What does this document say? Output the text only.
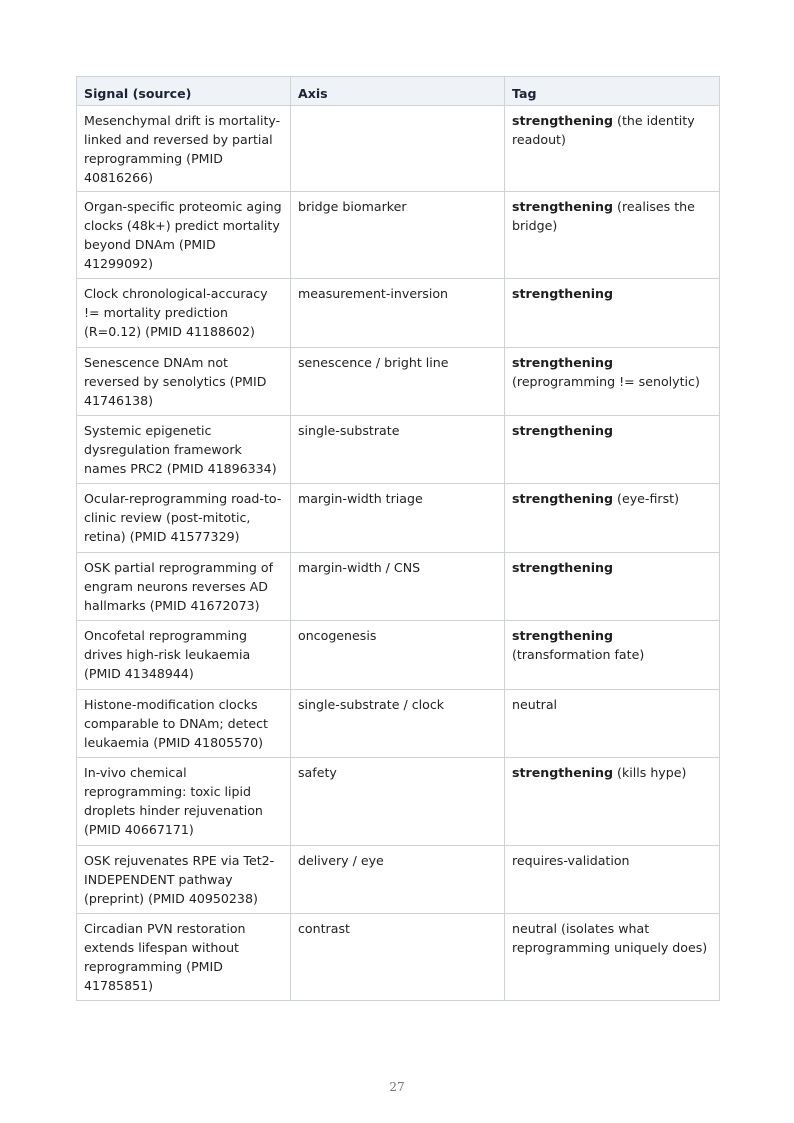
Signal (source)	Axis	Tag
Mesenchymal drift is mortality-linked and reversed by partial reprogramming (PMID 40816266)		strengthening (the identity readout)
Organ-specific proteomic aging clocks (48k+) predict mortality beyond DNAm (PMID 41299092)	bridge biomarker	strengthening (realises the bridge)
Clock chronological-accuracy != mortality prediction (R=0.12) (PMID 41188602)	measurement-inversion	strengthening
Senescence DNAm not reversed by senolytics (PMID 41746138)	senescence / bright line	strengthening (reprogramming != senolytic)
Systemic epigenetic dysregulation framework names PRC2 (PMID 41896334)	single-substrate	strengthening
Ocular-reprogramming road-to-clinic review (post-mitotic, retina) (PMID 41577329)	margin-width triage	strengthening (eye-first)
OSK partial reprogramming of engram neurons reverses AD hallmarks (PMID 41672073)	margin-width / CNS	strengthening
Oncofetal reprogramming drives high-risk leukaemia (PMID 41348944)	oncogenesis	strengthening (transformation fate)
Histone-modification clocks comparable to DNAm; detect leukaemia (PMID 41805570)	single-substrate / clock	neutral
In-vivo chemical reprogramming: toxic lipid droplets hinder rejuvenation (PMID 40667171)	safety	strengthening (kills hype)
OSK rejuvenates RPE via Tet2-INDEPENDENT pathway (preprint) (PMID 40950238)	delivery / eye	requires-validation
Circadian PVN restoration extends lifespan without reprogramming (PMID 41785851)	contrast	neutral (isolates what reprogramming uniquely does)
27
